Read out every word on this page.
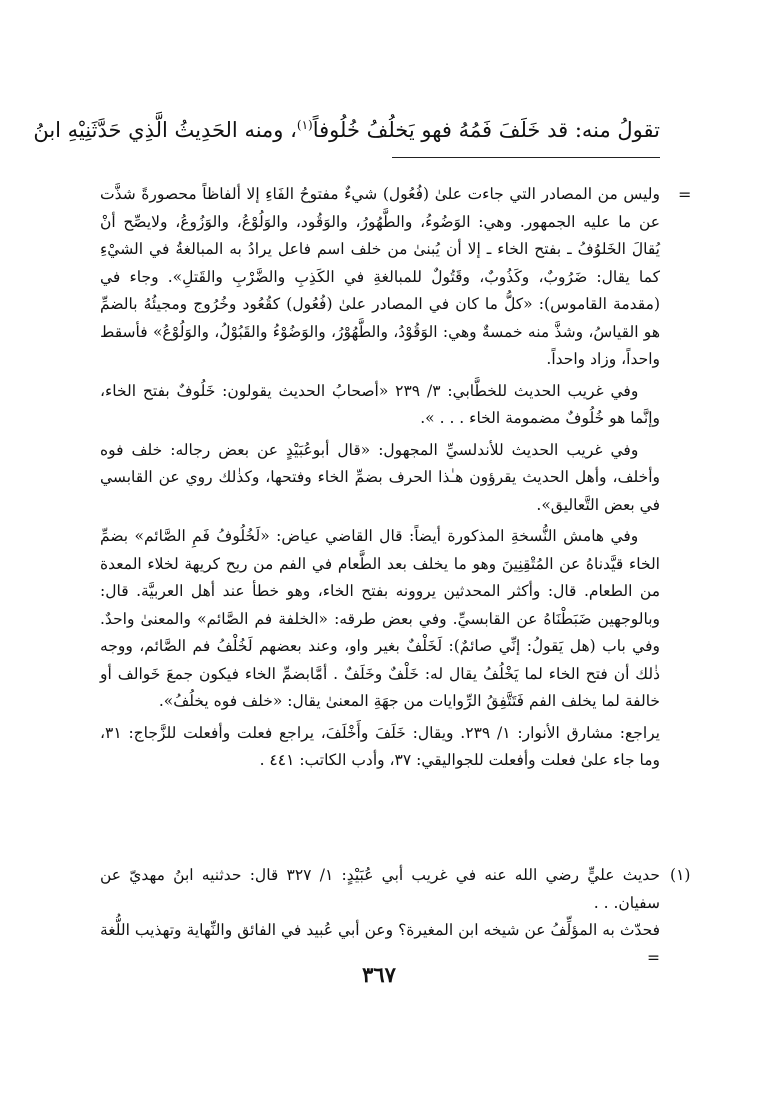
تقولُ منه: قد خَلَفَ فَمُهُ فهو يَخلُفُ خُلُوفاً$^{(١)}$، ومنه الحَدِيثُ الَّذِي حَدَّثَنِيْهِ ابنُ
=

وليس من المصادر التي جاءت علىٰ (فُعُول) شيءٌ مفتوحُ الفَاءِ إلا ألفاظاً محصورةً شذَّت عن ما عليه الجمهور. وهي: الوَضُوءُ، والطَّهُورُ، والوَقُود، والوَلُوْعُ، والوَزُوعُ، ولايصِّح أنْ يُقالَ الخَلوُفُ ـ بفتح الخاء ـ إلا أن يُبنىٰ من خلف اسم فاعل يرادُ به المبالغةُ في الشيْءِ كما يقال: ضَرُوبٌ، وكَذُوبٌ، وقَتُولٌ للمبالغةِ في الكَذِبِ والضَّرْبِ والقَتلِ». وجاء في (مقدمة القاموس): «كلُّ ما كان في المصادر علىٰ (فُعُول) كقُعُود وخُرُوج ومجيئُهُ بالضمِّ هو القياسُ، وشذَّ منه خمسةٌ وهي: الوَقُوْدُ، والطَّهُوْرُ، والوَضُوْءُ والقَبُوْلُ، والوَلُوْعُ» فأسقط واحداً، وزاد واحداً.

وفي غريب الحديث للخطَّابي: ٣/ ٢٣٩ «أصحابُ الحديث يقولون: خَلُوفٌ بفتح الخاء، وإنَّما هو خُلُوفٌ مضمومة الخاء . . . ».

وفي غريب الحديث للأندلسيِّ المجهول: «قال أبوعُبَيْدٍ عن بعض رجاله: خلف فوه وأخلف، وأهل الحديث يقرؤون هـٰذا الحرف بضمِّ الخاء وفتحها، وكذٰلك روي عن القابسي في بعض التَّعاليق».

وفي هامش النُّسخةِ المذكورة أيضاً: قال القاضي عياض: «لَخُلُوفُ فَمِ الصَّائم» بضمِّ الخاء قيَّدناهُ عن المُتْقِنِينَ وهو ما يخلف بعد الطَّعام في الفم من ريح كريهة لخلاء المعدة من الطعام. قال: وأكثر المحدثين يروونه بفتح الخاء، وهو خطأ عند أهل العربيَّة. قال: وبالوجهين ضَبَطْنَاهُ عن القابسيِّ. وفي بعض طرقه: «الخلفة فم الصَّائم» والمعنىٰ واحدٌ. وفي باب (هل يَقولُ: إنِّي صائمٌ): لَخَلْفٌ بغير واو، وعند بعضهم لَخُلْفُ فم الصَّائم، ووجه ذٰلك أن فتح الخاء لما يَخْلُفُ يقال له: خَلْفٌ وخَلَفٌ . أمَّابضمِّ الخاء فيكون جمعَ خَوالف أو خالفة لما يخلف الفم فَتَتَّفِقُ الرِّوايات من جهَةِ المعنىٰ يقال: «خلف فوه يخلُفُ».

يراجع: مشارق الأنوار: ١/ ٢٣٩. ويقال: خَلَفَ وأَخْلَفَ، يراجع فعلت وأفعلت للزَّجاج: ٣١، وما جاء علىٰ فعلت وأفعلت للجواليقي: ٣٧، وأدب الكاتب: ٤٤١ .

(١)

حديث عليٍّ رضي الله عنه في غريب أبي عُبَيْدٍ: ١/ ٣٢٧ قال: حدثنيه ابنُ مهديّ عن سفيان. . .

فحدّث به المؤلِّفُ عن شيخه ابن المغيرة؟ وعن أبي عُبيد في الفائق والنِّهاية وتهذيب اللُّغة =

٣٦٧
